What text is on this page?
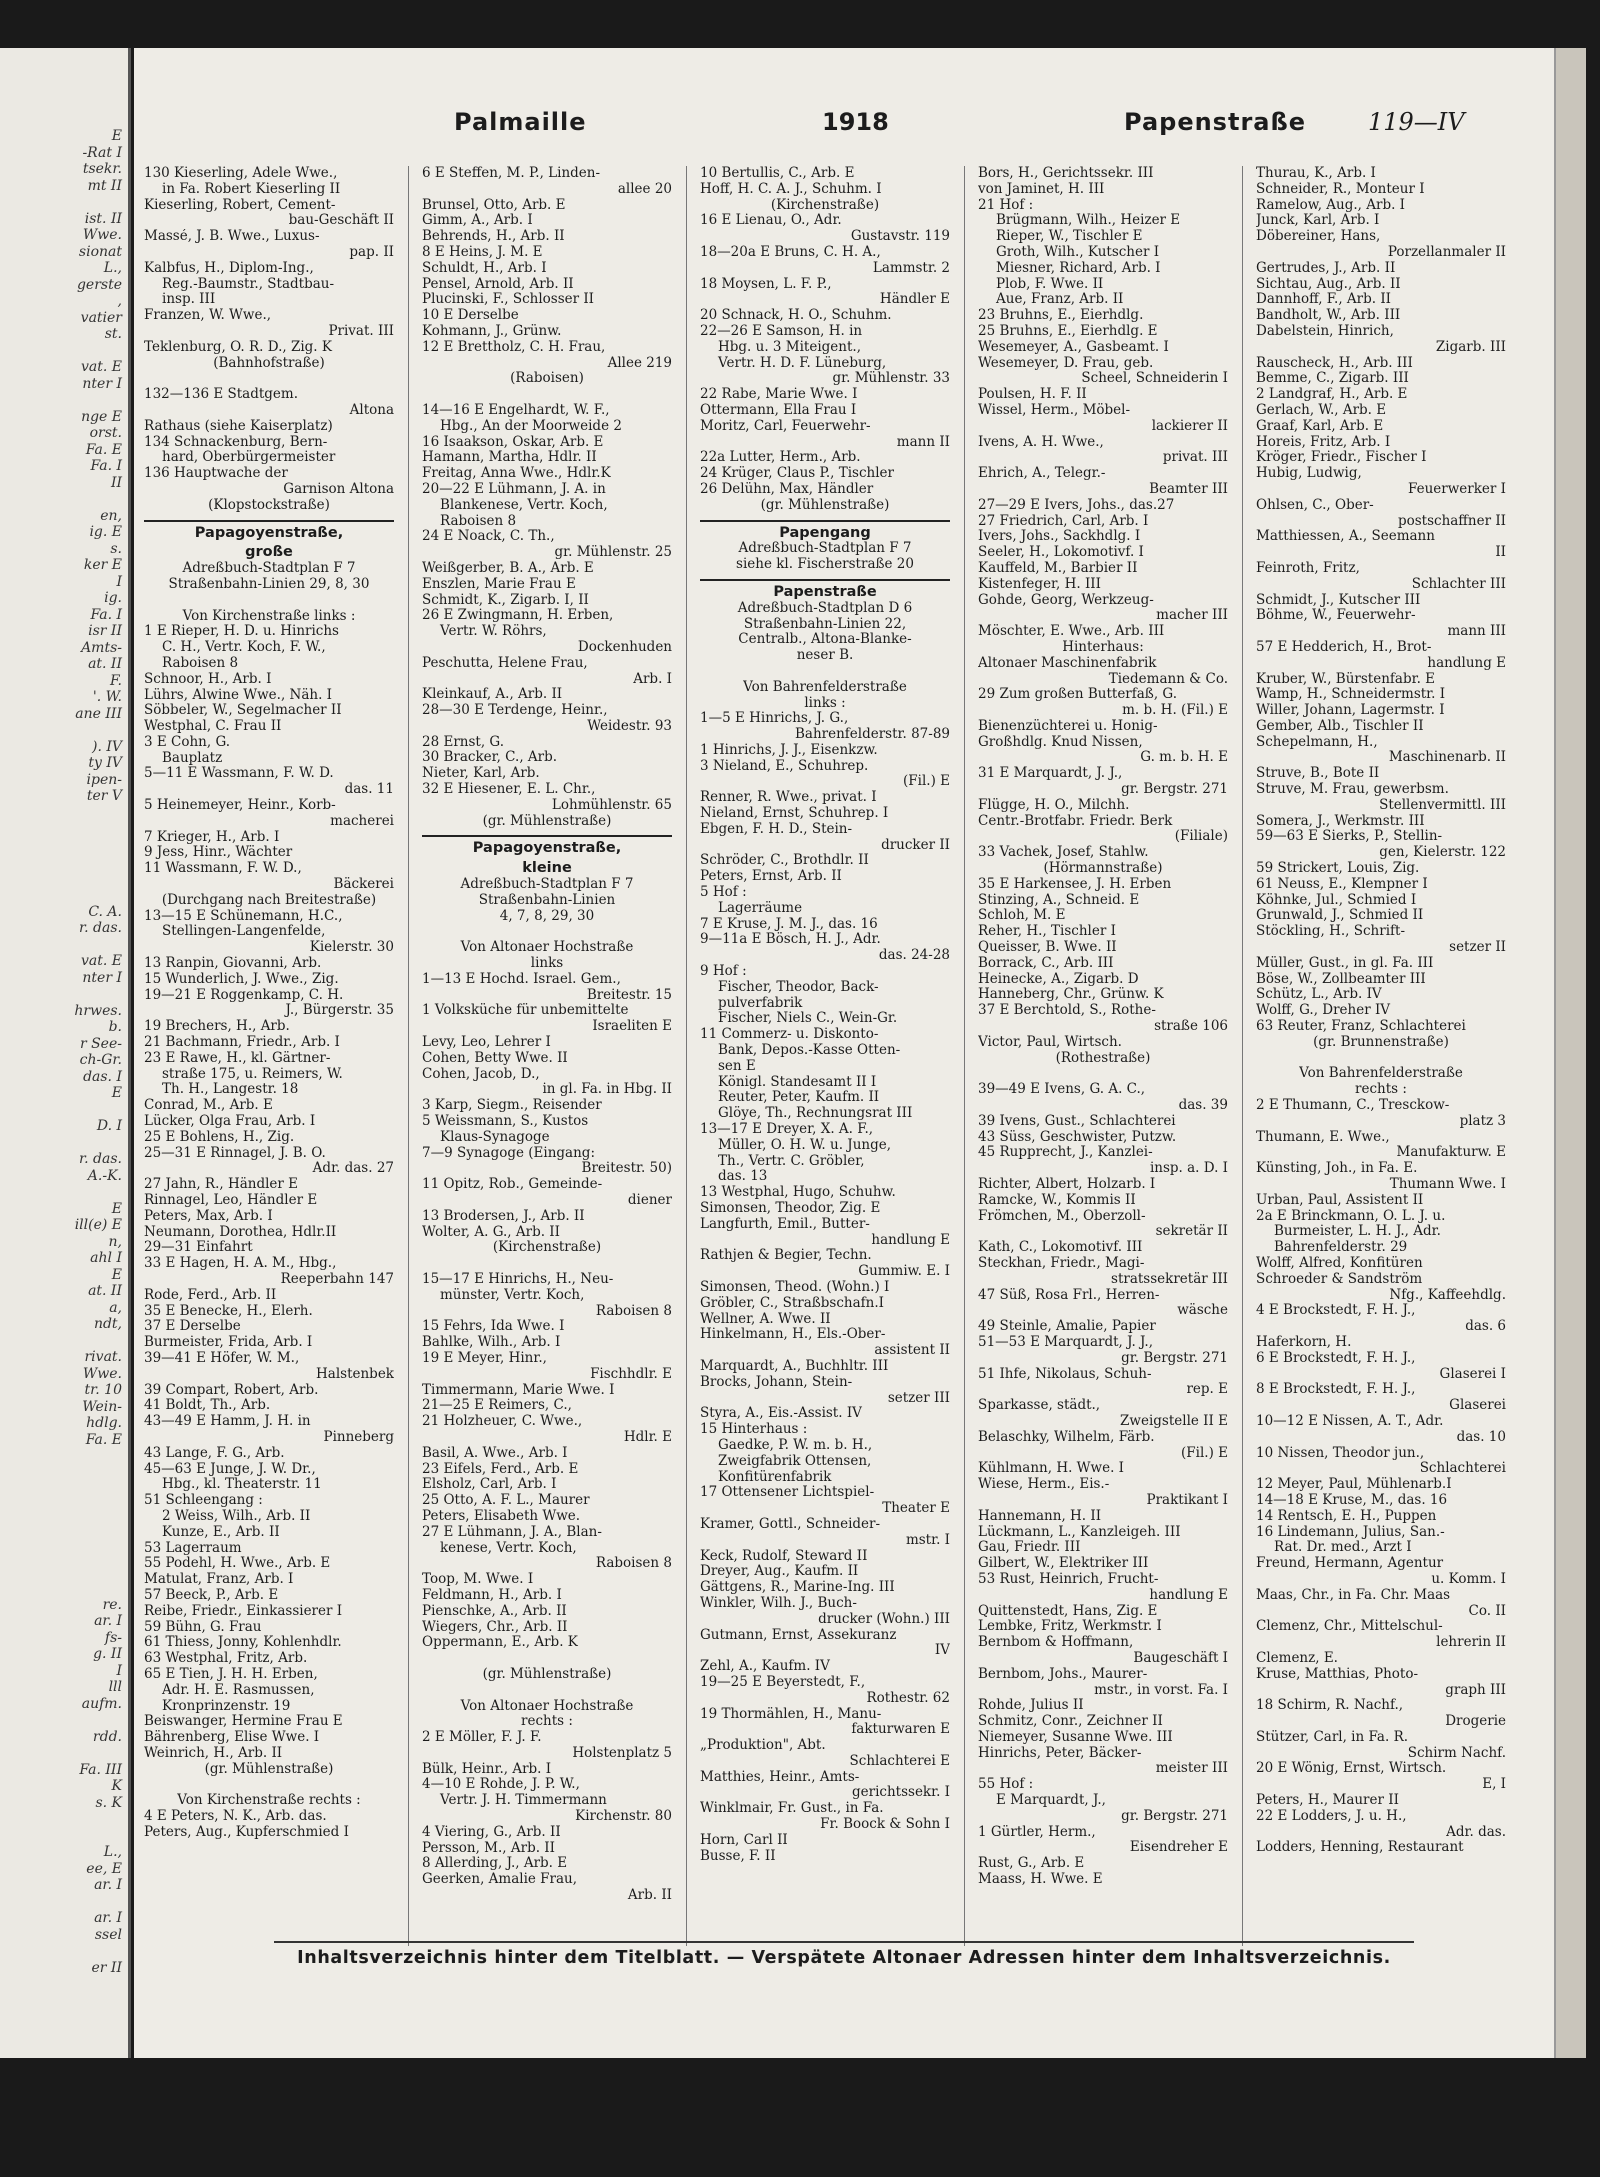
E
-Rat I
tsekr.
mt II
ist. II
Wwe.
sionat
L.,
gerste
,
vatier
st.
vat. E
nter I
nge E
orst.
Fa. E
Fa. I
II
en,
ig. E
s.
ker E
I
ig.
Fa. I
isr II
Amts-
at. II
F.
'. W.
ane III
). IV
ty IV
ipen-
ter V
C. A.
r. das.
vat. E
nter I
hrwes.
b.
r See-
ch-Gr.
das. I
E
D. I
r. das.
A.-K.
E
ill(e) E
n,
ahl I
E
at. II
a,
ndt,
rivat.
Wwe.
tr. 10
Wein-
hdlg.
Fa. E
re.
ar. I
fs-
g. II
I
lll
aufm.
rdd.
Fa. III
K
s. K
L.,
ee, E
ar. I
ar. I
ssel
er II
Palmaille	1918	Papenstraße	119—IV
130 Kieserling, Adele Wwe.,
in Fa. Robert Kieserling II
Kieserling, Robert, Cement-
bau-Geschäft II
Massé, J. B. Wwe., Luxus-
pap. II
Kalbfus, H., Diplom-Ing.,
Reg.-Baumstr., Stadtbau-
insp. III
Franzen, W. Wwe.,
Privat. III
Teklenburg, O. R. D., Zig. K
(Bahnhofstraße)

132—136 E Stadtgem.
Altona
Rathaus (siehe Kaiserplatz)
134 Schnackenburg, Bern-
hard, Oberbürgermeister
136 Hauptwache der
Garnison Altona
(Klopstockstraße)
Papagoyenstraße,
große
Adreßbuch-Stadtplan F 7
Straßenbahn-Linien 29, 8, 30

Von Kirchenstraße links :
1 E Rieper, H. D. u. Hinrichs
C. H., Vertr. Koch, F. W.,
Raboisen 8
Schnoor, H., Arb. I
Lührs, Alwine Wwe., Näh. I
Söbbeler, W., Segelmacher II
Westphal, C. Frau II
3 E Cohn, G.
Bauplatz
5—11 E Wassmann, F. W. D.
das. 11
5 Heinemeyer, Heinr., Korb-
macherei
7 Krieger, H., Arb. I
9 Jess, Hinr., Wächter
11 Wassmann, F. W. D.,
Bäckerei
(Durchgang nach Breitestraße)
13—15 E Schünemann, H.C.,
Stellingen-Langenfelde,
Kielerstr. 30
13 Ranpin, Giovanni, Arb.
15 Wunderlich, J. Wwe., Zig.
19—21 E Roggenkamp, C. H.
J., Bürgerstr. 35
19 Brechers, H., Arb.
21 Bachmann, Friedr., Arb. I
23 E Rawe, H., kl. Gärtner-
straße 175, u. Reimers, W.
Th. H., Langestr. 18
Conrad, M., Arb. E
Lücker, Olga Frau, Arb. I
25 E Bohlens, H., Zig.
25—31 E Rinnagel, J. B. O.
Adr. das. 27
27 Jahn, R., Händler E
Rinnagel, Leo, Händler E
Peters, Max, Arb. I
Neumann, Dorothea, Hdlr.II
29—31 Einfahrt
33 E Hagen, H. A. M., Hbg.,
Reeperbahn 147
Rode, Ferd., Arb. II
35 E Benecke, H., Elerh.
37 E Derselbe
Burmeister, Frida, Arb. I
39—41 E Höfer, W. M.,
Halstenbek
39 Compart, Robert, Arb.
41 Boldt, Th., Arb.
43—49 E Hamm, J. H. in
Pinneberg
43 Lange, F. G., Arb.
45—63 E Junge, J. W. Dr.,
Hbg., kl. Theaterstr. 11
51 Schleengang :
2 Weiss, Wilh., Arb. II
Kunze, E., Arb. II
53 Lagerraum
55 Podehl, H. Wwe., Arb. E
Matulat, Franz, Arb. I
57 Beeck, P., Arb. E
Reibe, Friedr., Einkassierer I
59 Bühn, G. Frau
61 Thiess, Jonny, Kohlenhdlr.
63 Westphal, Fritz, Arb.
65 E Tien, J. H. H. Erben,
Adr. H. E. Rasmussen,
Kronprinzenstr. 19
Beiswanger, Hermine Frau E
Bährenberg, Elise Wwe. I
Weinrich, H., Arb. II
(gr. Mühlenstraße)

Von Kirchenstraße rechts :
4 E Peters, N. K., Arb. das.
Peters, Aug., Kupferschmied I
6 E Steffen, M. P., Linden-
allee 20
Brunsel, Otto, Arb. E
Gimm, A., Arb. I
Behrends, H., Arb. II
8 E Heins, J. M. E
Schuldt, H., Arb. I
Pensel, Arnold, Arb. II
Plucinski, F., Schlosser II
10 E Derselbe
Kohmann, J., Grünw.
12 E Brettholz, C. H. Frau,
Allee 219
(Raboisen)

14—16 E Engelhardt, W. F.,
Hbg., An der Moorweide 2
16 Isaakson, Oskar, Arb. E
Hamann, Martha, Hdlr. II
Freitag, Anna Wwe., Hdlr.K
20—22 E Lühmann, J. A. in
Blankenese, Vertr. Koch,
Raboisen 8
24 E Noack, C. Th.,
gr. Mühlenstr. 25
Weißgerber, B. A., Arb. E
Enszlen, Marie Frau E
Schmidt, K., Zigarb. I, II
26 E Zwingmann, H. Erben,
Vertr. W. Röhrs,
Dockenhuden
Peschutta, Helene Frau,
Arb. I
Kleinkauf, A., Arb. II
28—30 E Terdenge, Heinr.,
Weidestr. 93
28 Ernst, G.
30 Bracker, C., Arb.
Nieter, Karl, Arb.
32 E Hiesener, E. L. Chr.,
Lohmühlenstr. 65
(gr. Mühlenstraße)
Papagoyenstraße,
kleine
Adreßbuch-Stadtplan F 7
Straßenbahn-Linien
4, 7, 8, 29, 30

Von Altonaer Hochstraße
links
1—13 E Hochd. Israel. Gem.,
Breitestr. 15
1 Volksküche für unbemittelte
Israeliten E
Levy, Leo, Lehrer I
Cohen, Betty Wwe. II
Cohen, Jacob, D.,
in gl. Fa. in Hbg. II
3 Karp, Siegm., Reisender
5 Weissmann, S., Kustos
Klaus-Synagoge
7—9 Synagoge (Eingang:
Breitestr. 50)
11 Opitz, Rob., Gemeinde-
diener
13 Brodersen, J., Arb. II
Wolter, A. G., Arb. II
(Kirchenstraße)

15—17 E Hinrichs, H., Neu-
münster, Vertr. Koch,
Raboisen 8
15 Fehrs, Ida Wwe. I
Bahlke, Wilh., Arb. I
19 E Meyer, Hinr.,
Fischhdlr. E
Timmermann, Marie Wwe. I
21—25 E Reimers, C.,
21 Holzheuer, C. Wwe.,
Hdlr. E
Basil, A. Wwe., Arb. I
23 Eifels, Ferd., Arb. E
Elsholz, Carl, Arb. I
25 Otto, A. F. L., Maurer
Peters, Elisabeth Wwe.
27 E Lühmann, J. A., Blan-
kenese, Vertr. Koch,
Raboisen 8
Toop, M. Wwe. I
Feldmann, H., Arb. I
Pienschke, A., Arb. II
Wiegers, Chr., Arb. II
Oppermann, E., Arb. K

(gr. Mühlenstraße)

Von Altonaer Hochstraße
rechts :
2 E Möller, F. J. F.
Holstenplatz 5
Bülk, Heinr., Arb. I
4—10 E Rohde, J. P. W.,
Vertr. J. H. Timmermann
Kirchenstr. 80
4 Viering, G., Arb. II
Persson, M., Arb. II
8 Allerding, J., Arb. E
Geerken, Amalie Frau,
Arb. II
10 Bertullis, C., Arb. E
Hoff, H. C. A. J., Schuhm. I
(Kirchenstraße)
16 E Lienau, O., Adr.
Gustavstr. 119
18—20a E Bruns, C. H. A.,
Lammstr. 2
18 Moysen, L. F. P.,
Händler E
20 Schnack, H. O., Schuhm.
22—26 E Samson, H. in
Hbg. u. 3 Miteigent.,
Vertr. H. D. F. Lüneburg,
gr. Mühlenstr. 33
22 Rabe, Marie Wwe. I
Ottermann, Ella Frau I
Moritz, Carl, Feuerwehr-
mann II
22a Lutter, Herm., Arb.
24 Krüger, Claus P., Tischler
26 Delühn, Max, Händler
(gr. Mühlenstraße)
Papengang
Adreßbuch-Stadtplan F 7
siehe kl. Fischerstraße 20
Papenstraße
Adreßbuch-Stadtplan D 6
Straßenbahn-Linien 22,
Centralb., Altona-Blanke-
neser B.

Von Bahrenfelderstraße
links :
1—5 E Hinrichs, J. G.,
Bahrenfelderstr. 87-89
1 Hinrichs, J. J., Eisenkzw.
3 Nieland, E., Schuhrep.
(Fil.) E
Renner, R. Wwe., privat. I
Nieland, Ernst, Schuhrep. I
Ebgen, F. H. D., Stein-
drucker II
Schröder, C., Brothdlr. II
Peters, Ernst, Arb. II
5 Hof :
Lagerräume
7 E Kruse, J. M. J., das. 16
9—11a E Bösch, H. J., Adr.
das. 24-28
9 Hof :
Fischer, Theodor, Back-
pulverfabrik
Fischer, Niels C., Wein-Gr.
11 Commerz- u. Diskonto-
Bank, Depos.-Kasse Otten-
sen E
Königl. Standesamt II I
Reuter, Peter, Kaufm. II
Glöye, Th., Rechnungsrat III
13—17 E Dreyer, X. A. F.,
Müller, O. H. W. u. Junge,
Th., Vertr. C. Gröbler,
das. 13
13 Westphal, Hugo, Schuhw.
Simonsen, Theodor, Zig. E
Langfurth, Emil., Butter-
handlung E
Rathjen & Begier, Techn.
Gummiw. E. I
Simonsen, Theod. (Wohn.) I
Gröbler, C., Straßbschafn.I
Wellner, A. Wwe. II
Hinkelmann, H., Els.-Ober-
assistent II
Marquardt, A., Buchhltr. III
Brocks, Johann, Stein-
setzer III
Styra, A., Eis.-Assist. IV
15 Hinterhaus :
Gaedke, P. W. m. b. H.,
Zweigfabrik Ottensen,
Konfitürenfabrik
17 Ottensener Lichtspiel-
Theater E
Kramer, Gottl., Schneider-
mstr. I
Keck, Rudolf, Steward II
Dreyer, Aug., Kaufm. II
Gättgens, R., Marine-Ing. III
Winkler, Wilh. J., Buch-
drucker (Wohn.) III
Gutmann, Ernst, Assekuranz
IV
Zehl, A., Kaufm. IV
19—25 E Beyerstedt, F.,
Rothestr. 62
19 Thormählen, H., Manu-
fakturwaren E
„Produktion", Abt.
Schlachterei E
Matthies, Heinr., Amts-
gerichtssekr. I
Winklmair, Fr. Gust., in Fa.
Fr. Boock & Sohn I
Horn, Carl II
Busse, F. II
Bors, H., Gerichtssekr. III
von Jaminet, H. III
21 Hof :
Brügmann, Wilh., Heizer E
Rieper, W., Tischler E
Groth, Wilh., Kutscher I
Miesner, Richard, Arb. I
Plob, F. Wwe. II
Aue, Franz, Arb. II
23 Bruhns, E., Eierhdlg.
25 Bruhns, E., Eierhdlg. E
Wesemeyer, A., Gasbeamt. I
Wesemeyer, D. Frau, geb.
Scheel, Schneiderin I
Poulsen, H. F. II
Wissel, Herm., Möbel-
lackierer II
Ivens, A. H. Wwe.,
privat. III
Ehrich, A., Telegr.-
Beamter III
27—29 E Ivers, Johs., das.27
27 Friedrich, Carl, Arb. I
Ivers, Johs., Sackhdlg. I
Seeler, H., Lokomotivf. I
Kauffeld, M., Barbier II
Kistenfeger, H. III
Gohde, Georg, Werkzeug-
macher III
Möschter, E. Wwe., Arb. III
Hinterhaus:
Altonaer Maschinenfabrik
Tiedemann & Co.
29 Zum großen Butterfaß, G.
m. b. H. (Fil.) E
Bienenzüchterei u. Honig-
Großhdlg. Knud Nissen,
G. m. b. H. E
31 E Marquardt, J. J.,
gr. Bergstr. 271
Flügge, H. O., Milchh.
Centr.-Brotfabr. Friedr. Berk
(Filiale)
33 Vachek, Josef, Stahlw.
(Hörmannstraße)
35 E Harkensee, J. H. Erben
Stinzing, A., Schneid. E
Schloh, M. E
Reher, H., Tischler I
Queisser, B. Wwe. II
Borrack, C., Arb. III
Heinecke, A., Zigarb. D
Hanneberg, Chr., Grünw. K
37 E Berchtold, S., Rothe-
straße 106
Victor, Paul, Wirtsch.
(Rothestraße)

39—49 E Ivens, G. A. C.,
das. 39
39 Ivens, Gust., Schlachterei
43 Süss, Geschwister, Putzw.
45 Rupprecht, J., Kanzlei-
insp. a. D. I
Richter, Albert, Holzarb. I
Ramcke, W., Kommis II
Frömchen, M., Oberzoll-
sekretär II
Kath, C., Lokomotivf. III
Steckhan, Friedr., Magi-
stratssekretär III
47 Süß, Rosa Frl., Herren-
wäsche
49 Steinle, Amalie, Papier
51—53 E Marquardt, J. J.,
gr. Bergstr. 271
51 Ihfe, Nikolaus, Schuh-
rep. E
Sparkasse, städt.,
Zweigstelle II E
Belaschky, Wilhelm, Färb.
(Fil.) E
Kühlmann, H. Wwe. I
Wiese, Herm., Eis.-
Praktikant I
Hannemann, H. II
Lückmann, L., Kanzleigeh. III
Gau, Friedr. III
Gilbert, W., Elektriker III
53 Rust, Heinrich, Frucht-
handlung E
Quittenstedt, Hans, Zig. E
Lembke, Fritz, Werkmstr. I
Bernbom & Hoffmann,
Baugeschäft I
Bernbom, Johs., Maurer-
mstr., in vorst. Fa. I
Rohde, Julius II
Schmitz, Conr., Zeichner II
Niemeyer, Susanne Wwe. III
Hinrichs, Peter, Bäcker-
meister III
55 Hof :
E Marquardt, J.,
gr. Bergstr. 271
1 Gürtler, Herm.,
Eisendreher E
Rust, G., Arb. E
Maass, H. Wwe. E
Thurau, K., Arb. I
Schneider, R., Monteur I
Ramelow, Aug., Arb. I
Junck, Karl, Arb. I
Döbereiner, Hans,
Porzellanmaler II
Gertrudes, J., Arb. II
Sichtau, Aug., Arb. II
Dannhoff, F., Arb. II
Bandholt, W., Arb. III
Dabelstein, Hinrich,
Zigarb. III
Rauscheck, H., Arb. III
Bemme, C., Zigarb. III
2 Landgraf, H., Arb. E
Gerlach, W., Arb. E
Graaf, Karl, Arb. E
Horeis, Fritz, Arb. I
Kröger, Friedr., Fischer I
Hubig, Ludwig,
Feuerwerker I
Ohlsen, C., Ober-
postschaffner II
Matthiessen, A., Seemann
II
Feinroth, Fritz,
Schlachter III
Schmidt, J., Kutscher III
Böhme, W., Feuerwehr-
mann III
57 E Hedderich, H., Brot-
handlung E
Kruber, W., Bürstenfabr. E
Wamp, H., Schneidermstr. I
Willer, Johann, Lagermstr. I
Gember, Alb., Tischler II
Schepelmann, H.,
Maschinenarb. II
Struve, B., Bote II
Struve, M. Frau, gewerbsm.
Stellenvermittl. III
Somera, J., Werkmstr. III
59—63 E Sierks, P., Stellin-
gen, Kielerstr. 122
59 Strickert, Louis, Zig.
61 Neuss, E., Klempner I
Köhnke, Jul., Schmied I
Grunwald, J., Schmied II
Stöckling, H., Schrift-
setzer II
Müller, Gust., in gl. Fa. III
Böse, W., Zollbeamter III
Schütz, L., Arb. IV
Wolff, G., Dreher IV
63 Reuter, Franz, Schlachterei
(gr. Brunnenstraße)

Von Bahrenfelderstraße
rechts :
2 E Thumann, C., Tresckow-
platz 3
Thumann, E. Wwe.,
Manufakturw. E
Künsting, Joh., in Fa. E.
Thumann Wwe. I
Urban, Paul, Assistent II
2a E Brinckmann, O. L. J. u.
Burmeister, L. H. J., Adr.
Bahrenfelderstr. 29
Wolff, Alfred, Konfitüren
Schroeder & Sandström
Nfg., Kaffeehdlg.
4 E Brockstedt, F. H. J.,
das. 6
Haferkorn, H.
6 E Brockstedt, F. H. J.,
Glaserei I
8 E Brockstedt, F. H. J.,
Glaserei
10—12 E Nissen, A. T., Adr.
das. 10
10 Nissen, Theodor jun.,
Schlachterei
12 Meyer, Paul, Mühlenarb.I
14—18 E Kruse, M., das. 16
14 Rentsch, E. H., Puppen
16 Lindemann, Julius, San.-
Rat. Dr. med., Arzt I
Freund, Hermann, Agentur
u. Komm. I
Maas, Chr., in Fa. Chr. Maas
Co. II
Clemenz, Chr., Mittelschul-
lehrerin II
Clemenz, E.
Kruse, Matthias, Photo-
graph III
18 Schirm, R. Nachf.,
Drogerie
Stützer, Carl, in Fa. R.
Schirm Nachf.
20 E Wönig, Ernst, Wirtsch.
E, I
Peters, H., Maurer II
22 E Lodders, J. u. H.,
Adr. das.
Lodders, Henning, Restaurant
Inhaltsverzeichnis hinter dem Titelblatt. — Verspätete Altonaer Adressen hinter dem Inhaltsverzeichnis.
